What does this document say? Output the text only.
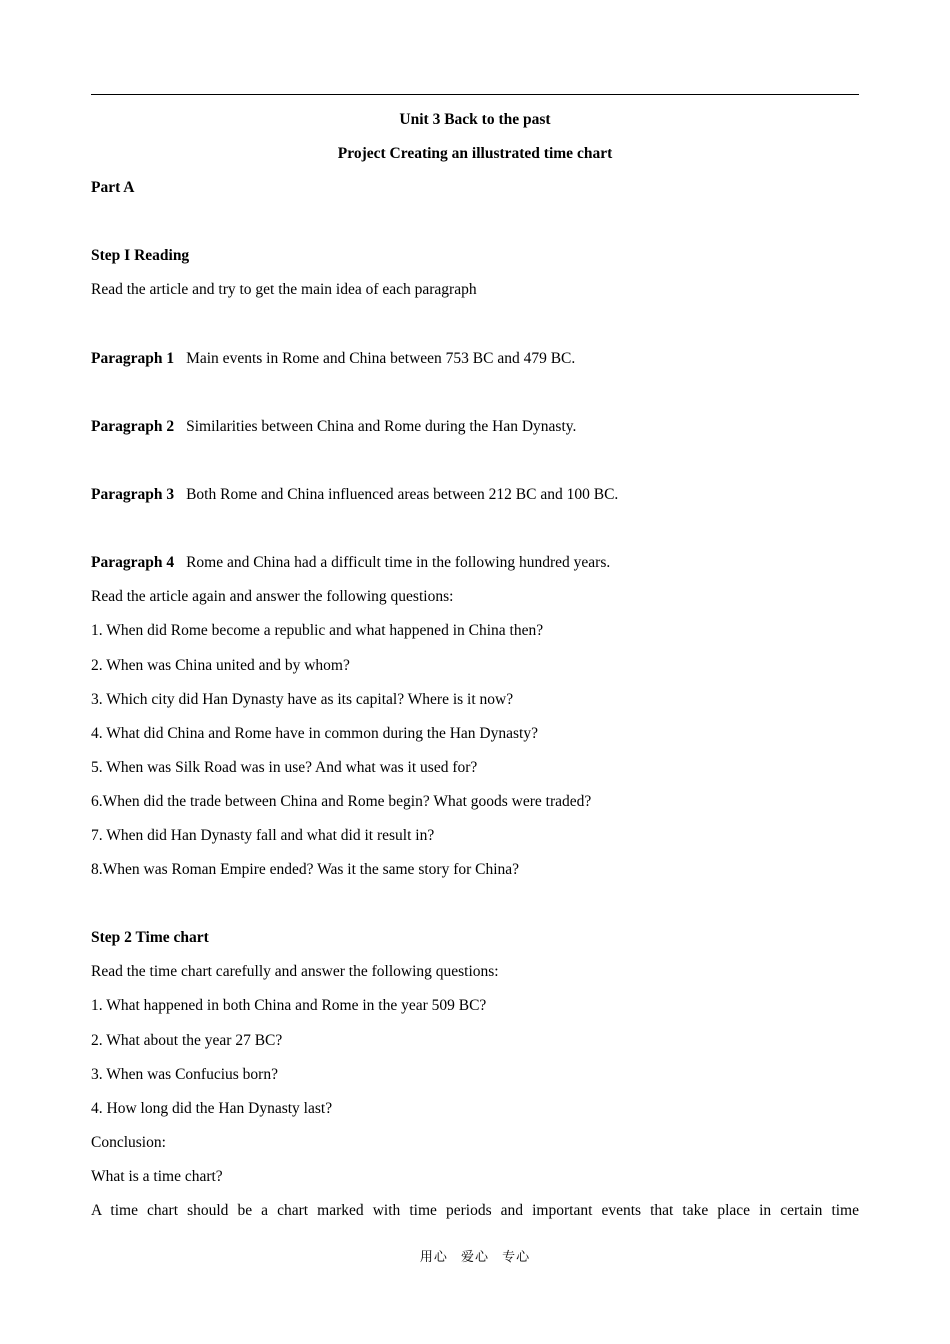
Unit 3 Back to the past
Project Creating an illustrated time chart
Part A
Step I Reading
Read the article and try to get the main idea of each paragraph
Paragraph 1 Main events in Rome and China between 753 BC and 479 BC.
Paragraph 2 Similarities between China and Rome during the Han Dynasty.
Paragraph 3 Both Rome and China influenced areas between 212 BC and 100 BC.
Paragraph 4 Rome and China had a difficult time in the following hundred years.
Read the article again and answer the following questions:
1. When did Rome become a republic and what happened in China then?
2. When was China united and by whom?
3. Which city did Han Dynasty have as its capital? Where is it now?
4. What did China and Rome have in common during the Han Dynasty?
5. When was Silk Road was in use? And what was it used for?
6.When did the trade between China and Rome begin? What goods were traded?
7. When did Han Dynasty fall and what did it result in?
8.When was Roman Empire ended? Was it the same story for China?
Step 2 Time chart
Read the time chart carefully and answer the following questions:
1. What happened in both China and Rome in the year 509 BC?
2. What about the year 27 BC?
3. When was Confucius born?
4. How long did the Han Dynasty last?
Conclusion:
What is a time chart?
A time chart should be a chart marked with time periods and important events that take place in certain time
用心 爱心 专心
